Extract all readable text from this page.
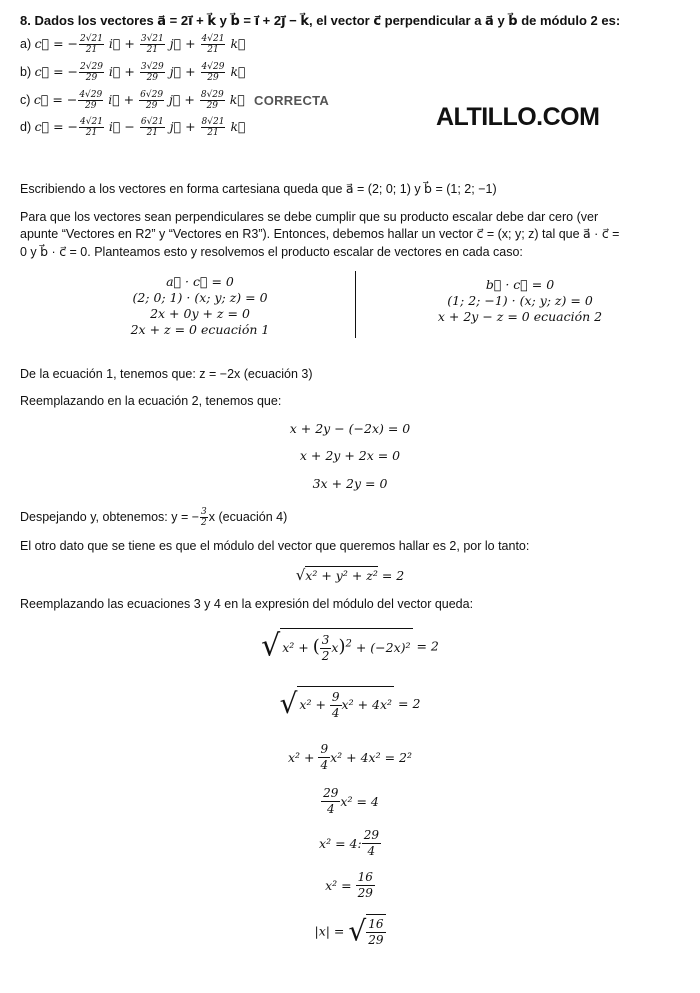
8. Dados los vectores a⃗ = 2i⃗ + k⃗ y b⃗ = i⃗ + 2j⃗ − k⃗, el vector c⃗ perpendicular a a⃗ y b⃗ de módulo 2 es:
a) c⃗ = − $\frac{2√21}{21}$ i⃗ + $\frac{3√21}{21}$ j⃗ + $\frac{4√21}{21}$ k⃗
b) c⃗ = − $\frac{2√29}{29}$ i⃗ + $\frac{3√29}{29}$ j⃗ + $\frac{4√29}{29}$ k⃗
c) c⃗ = − $\frac{4√29}{29}$ i⃗ + $\frac{6√29}{29}$ j⃗ + $\frac{8√29}{29}$ k⃗
d) c⃗ = − $\frac{4√21}{21}$ i⃗ − $\frac{6√21}{21}$ j⃗ + $\frac{8√21}{21}$ k⃗
CORRECTA
ALTILLO.COM
Escribiendo a los vectores en forma cartesiana queda que a⃗ = (2; 0; 1) y b⃗ = (1; 2; −1)
Para que los vectores sean perpendiculares se debe cumplir que su producto escalar debe dar cero (ver
apunte “Vectores en R2” y “Vectores en R3”). Entonces, debemos hallar un vector c⃗ = (x; y; z) tal que a⃗ · c⃗ =
0 y b⃗ · c⃗ = 0. Planteamos esto y resolvemos el producto escalar de vectores en cada caso:
a⃗ · c⃗ = 0
(2; 0; 1) · (x; y; z) = 0
2x + 0y + z = 0
2x + z = 0 ecuación 1
b⃗ · c⃗ = 0
(1; 2; −1) · (x; y; z) = 0
x + 2y − z = 0 ecuación 2
De la ecuación 1, tenemos que: z = −2x (ecuación 3)
Reemplazando en la ecuación 2, tenemos que:
x + 2y − (−2x) = 0
x + 2y + 2x = 0
3x + 2y = 0
Despejando y, obtenemos: y = − $\frac{3}{2}$ x (ecuación 4)
El otro dato que se tiene es que el módulo del vector que queremos hallar es 2, por lo tanto:
√x² + y² + z² = 2
Reemplazando las ecuaciones 3 y 4 en la expresión del módulo del vector queda:
√ x² + ( $\frac{3}{2} x)^2 + (-2x)^2 = 2$
√ $x^2 + \frac{9}{4} x^2 + 4x^2 = 2$
$x^2 + \frac{9}{4} x^2 + 4x^2 = 2^2$
$\frac{29}{4} x^2 = 4$
x² = 4: $\frac{29}{4}$
$x^2 = \frac{16}{29}$
|x| = √ $\frac{16}{29}$
